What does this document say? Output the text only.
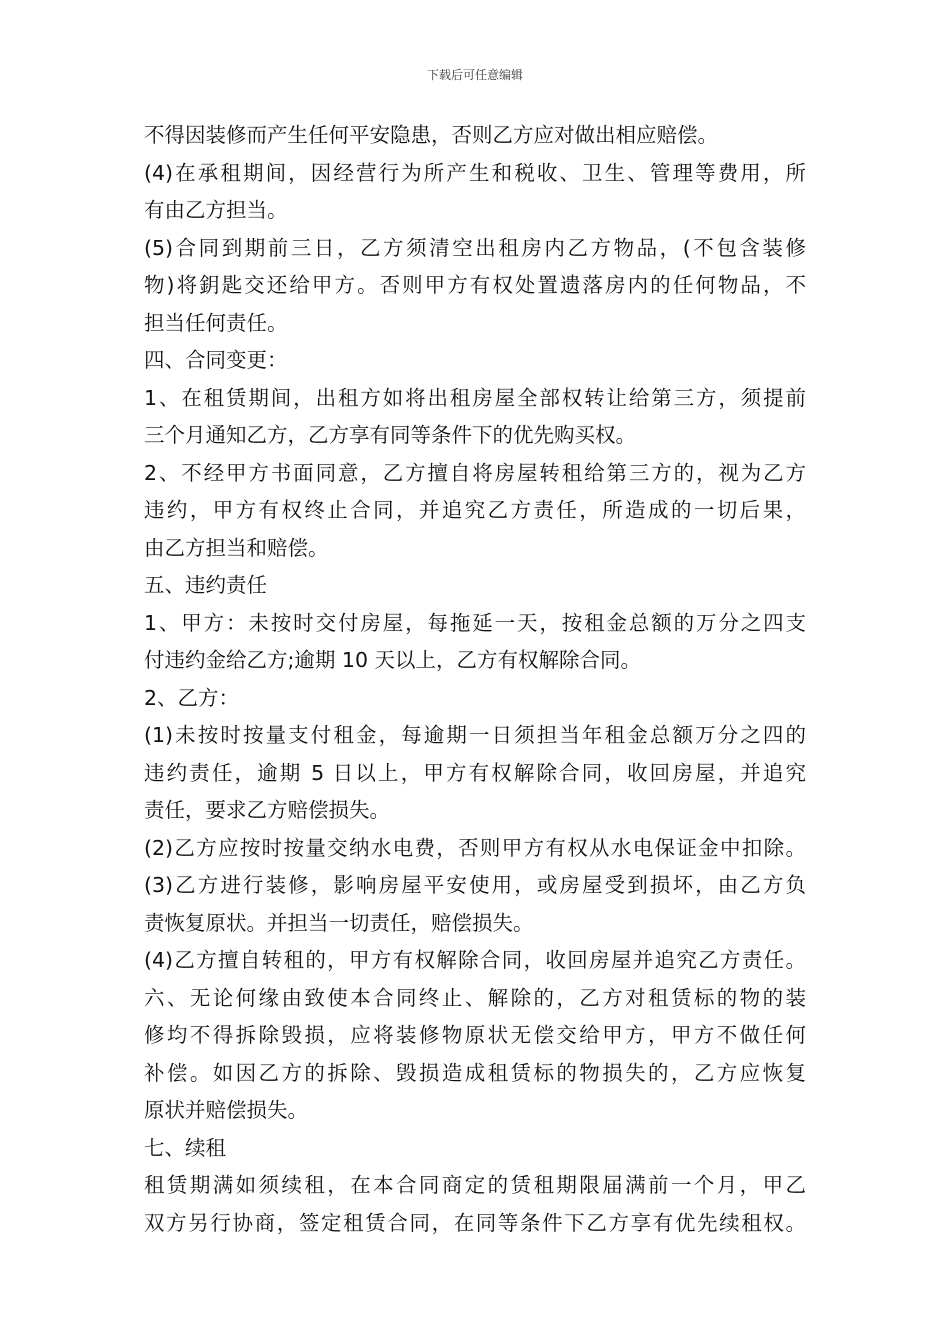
下载后可任意编辑
不得因装修而产生任何平安隐患，否则乙方应对做出相应赔偿。
(4)在承租期间，因经营行为所产生和税收、卫生、管理等费用，所
有由乙方担当。
(5)合同到期前三日，乙方须清空出租房内乙方物品，(不包含装修
物)将鈅匙交还给甲方。否则甲方有权处置遗落房内的任何物品，不
担当任何责任。
四、合同变更：
1、在租赁期间，出租方如将出租房屋全部权转让给第三方，须提前
三个月通知乙方，乙方享有同等条件下的优先购买权。
2、不经甲方书面同意，乙方擅自将房屋转租给第三方的，视为乙方
违约，甲方有权终止合同，并追究乙方责任，所造成的一切后果，
由乙方担当和赔偿。
五、违约责任
1、甲方：未按时交付房屋，每拖延一天，按租金总额的万分之四支
付违约金给乙方;逾期 10 天以上，乙方有权解除合同。
2、乙方：
(1)未按时按量支付租金，每逾期一日须担当年租金总额万分之四的
违约责任，逾期 5 日以上，甲方有权解除合同，收回房屋，并追究
责任，要求乙方赔偿损失。
(2)乙方应按时按量交纳水电费，否则甲方有权从水电保证金中扣除。
(3)乙方进行装修，影响房屋平安使用，或房屋受到损坏，由乙方负
责恢复原状。并担当一切责任，赔偿损失。
(4)乙方擅自转租的，甲方有权解除合同，收回房屋并追究乙方责任。
六、无论何缘由致使本合同终止、解除的，乙方对租赁标的物的装
修均不得拆除毁损，应将装修物原状无偿交给甲方，甲方不做任何
补偿。如因乙方的拆除、毁损造成租赁标的物损失的，乙方应恢复
原状并赔偿损失。
七、续租
租赁期满如须续租，在本合同商定的赁租期限届满前一个月，甲乙
双方另行协商，签定租赁合同，在同等条件下乙方享有优先续租权。
